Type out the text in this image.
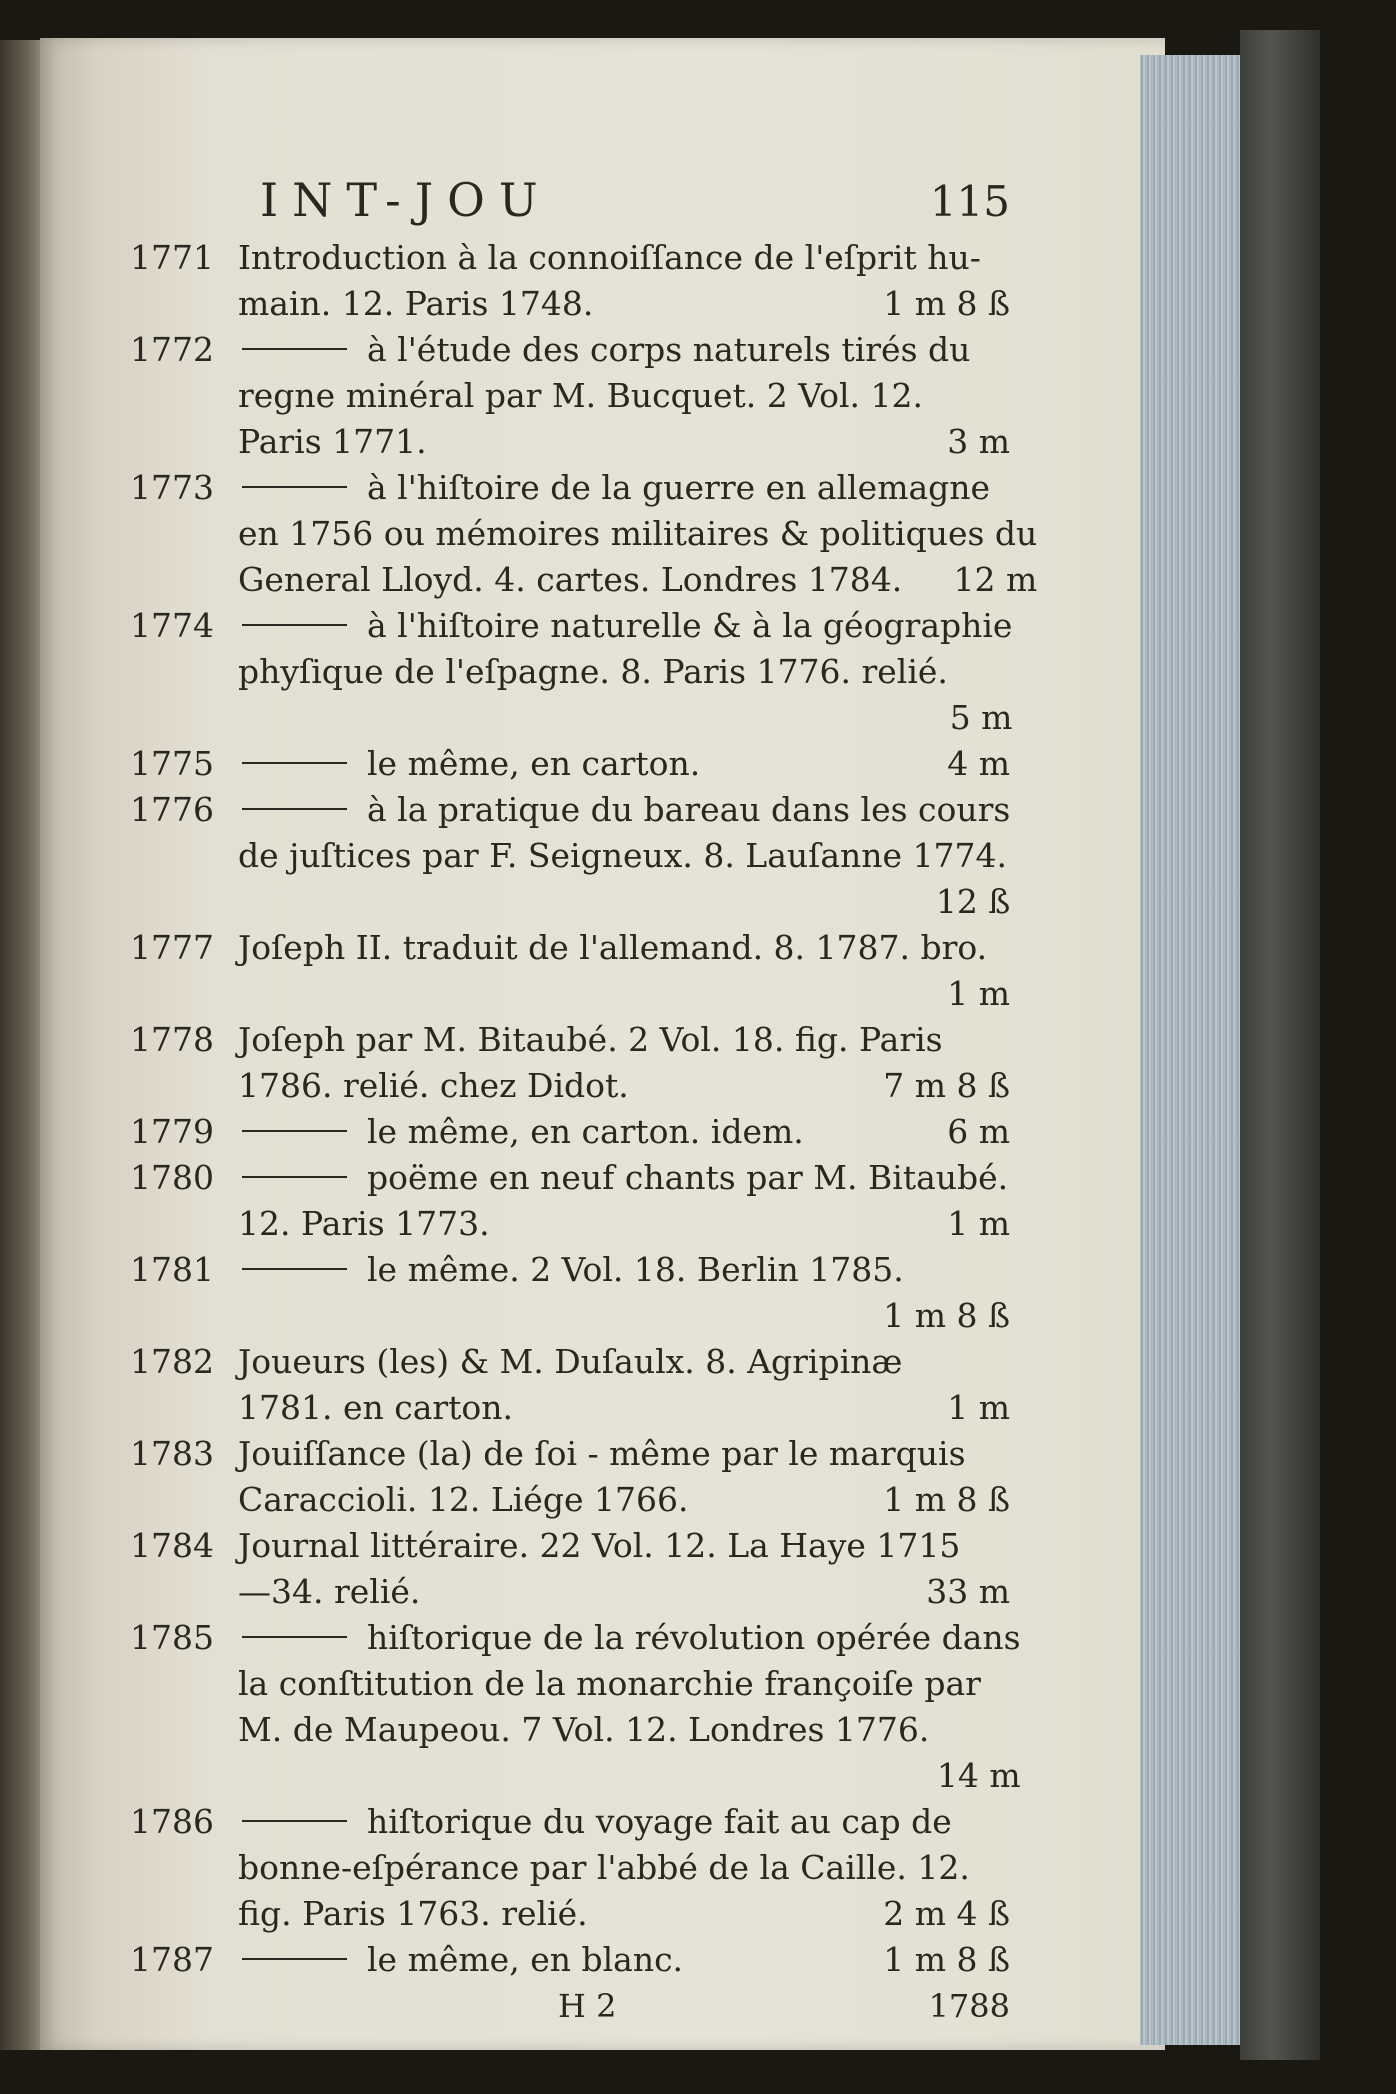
INT-JOU	115
1771 Introduction à la connoiſſance de l'eſprit hu-
main. 12. Paris 1748.	1 m 8 ß
1772	à l'étude des corps naturels tirés du
regne minéral par M. Bucquet. 2 Vol. 12.
Paris 1771.	3 m
1773	à l'hiſtoire de la guerre en allemagne
en 1756 ou mémoires militaires & politiques du
General Lloyd. 4. cartes. Londres 1784. 12 m
1774	à l'hiſtoire naturelle & à la géographie
phyſique de l'eſpagne. 8. Paris 1776. relié.
5 m
1775	le même, en carton.	4 m
1776	à la pratique du bareau dans les cours
de juſtices par F. Seigneux. 8. Lauſanne 1774.
12 ß
1777 Joſeph II. traduit de l'allemand. 8. 1787. bro.
1 m
1778 Joſeph par M. Bitaubé. 2 Vol. 18. fig. Paris
1786. relié. chez Didot.	7 m 8 ß
1779	le même, en carton. idem.	6 m
1780	poëme en neuf chants par M. Bitaubé.
12. Paris 1773.	1 m
1781	le même. 2 Vol. 18. Berlin 1785.
1 m 8 ß
1782 Joueurs (les) & M. Duſaulx. 8. Agripinæ
1781. en carton.	1 m
1783 Jouiſſance (la) de ſoi - même par le marquis
Caraccioli. 12. Liége 1766.	1 m 8 ß
1784 Journal littéraire. 22 Vol. 12. La Haye 1715
—34. relié.	33 m
1785	hiſtorique de la révolution opérée dans
la conſtitution de la monarchie françoiſe par
M. de Maupeou. 7 Vol. 12. Londres 1776.
14 m
1786	hiſtorique du voyage fait au cap de
bonne-eſpérance par l'abbé de la Caille. 12.
fig. Paris 1763. relié.	2 m 4 ß
1787	le même, en blanc.	1 m 8 ß
H 2	1788
